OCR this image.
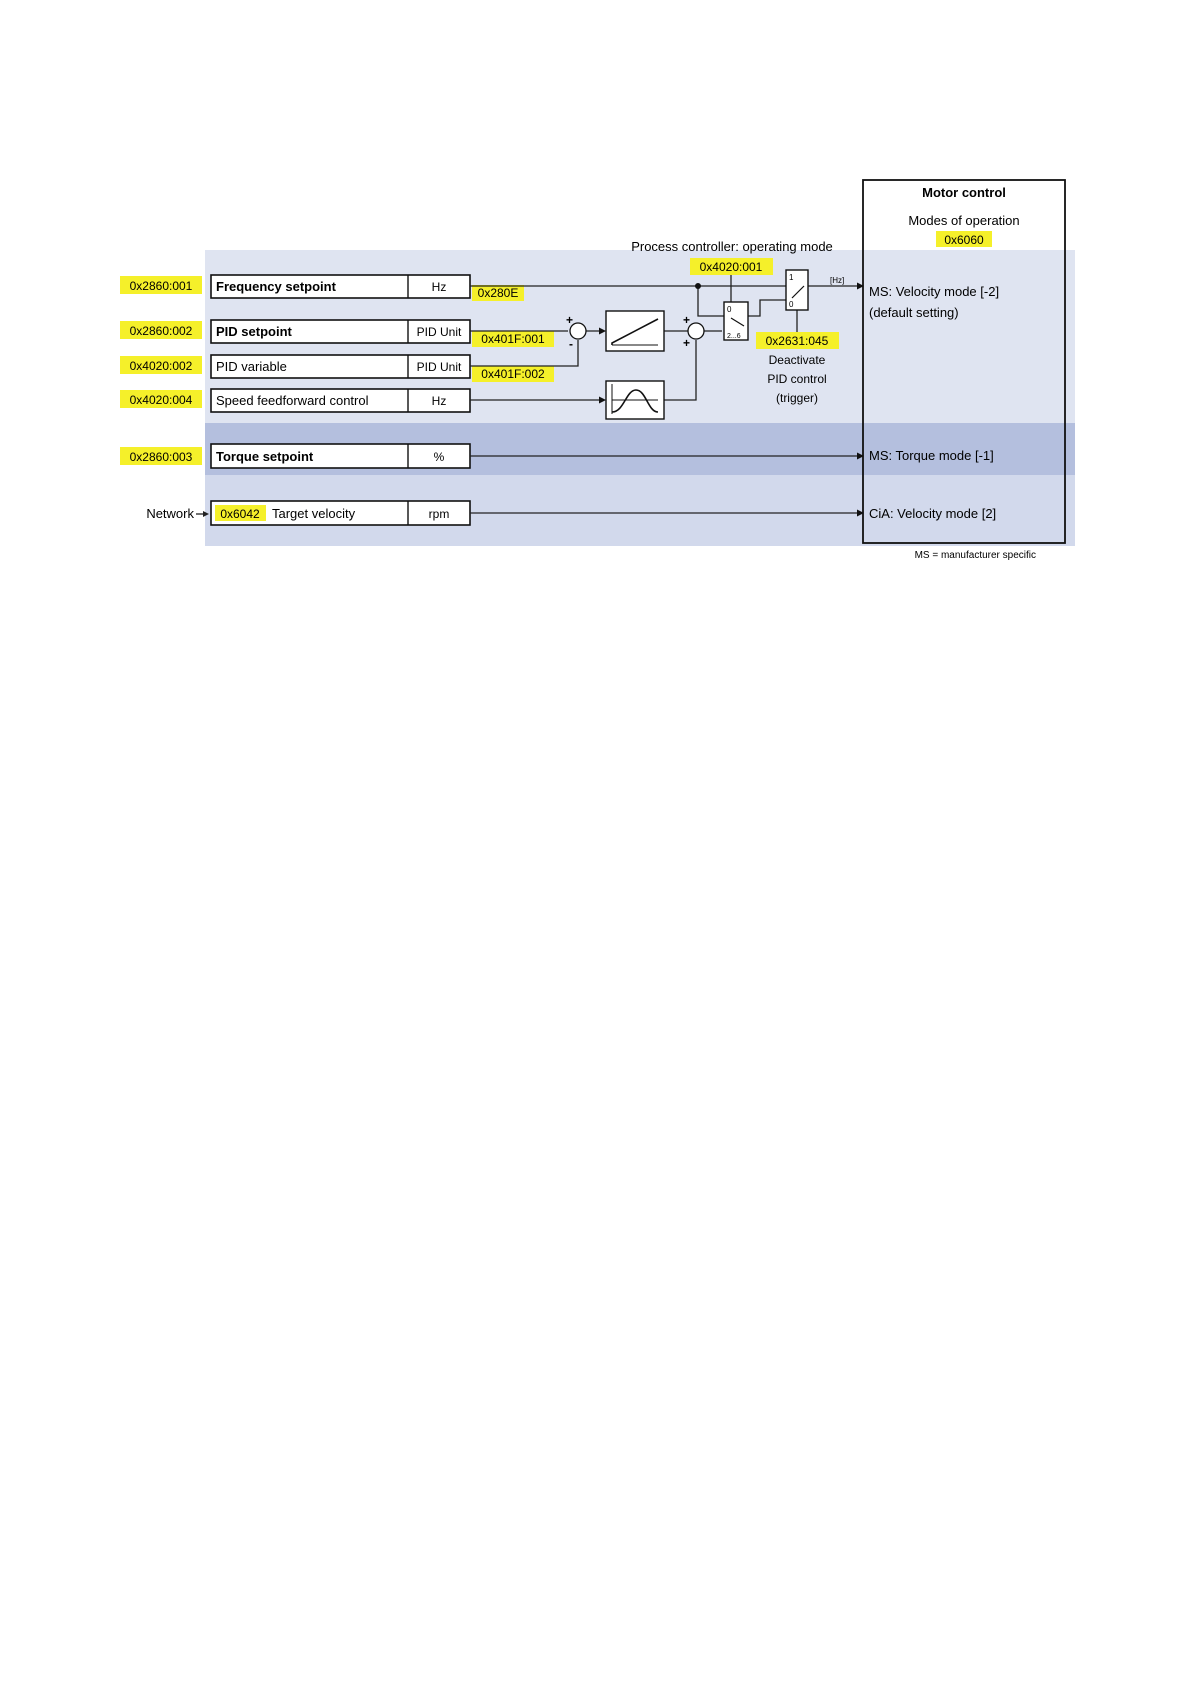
Motor control
Modes of operation
0x6060
Process controller: operating mode
0x4020:001
0x2860:001
0x2860:002
0x4020:002
0x4020:004
0x2860:003
Network
Frequency setpoint	Hz
PID setpoint	PID Unit
PID variable	PID Unit
Speed feedforward control	Hz
Torque setpoint	%
0x6042 Target velocity	rpm
0x280E
0x401F:001
0x401F:002
+
-
+
+
0
2...6
1
0
[Hz]
0x2631:045
Deactivate
PID control
(trigger)
MS: Velocity mode [-2]
(default setting)
MS: Torque mode [-1]
CiA: Velocity mode [2]
MS = manufacturer specific
